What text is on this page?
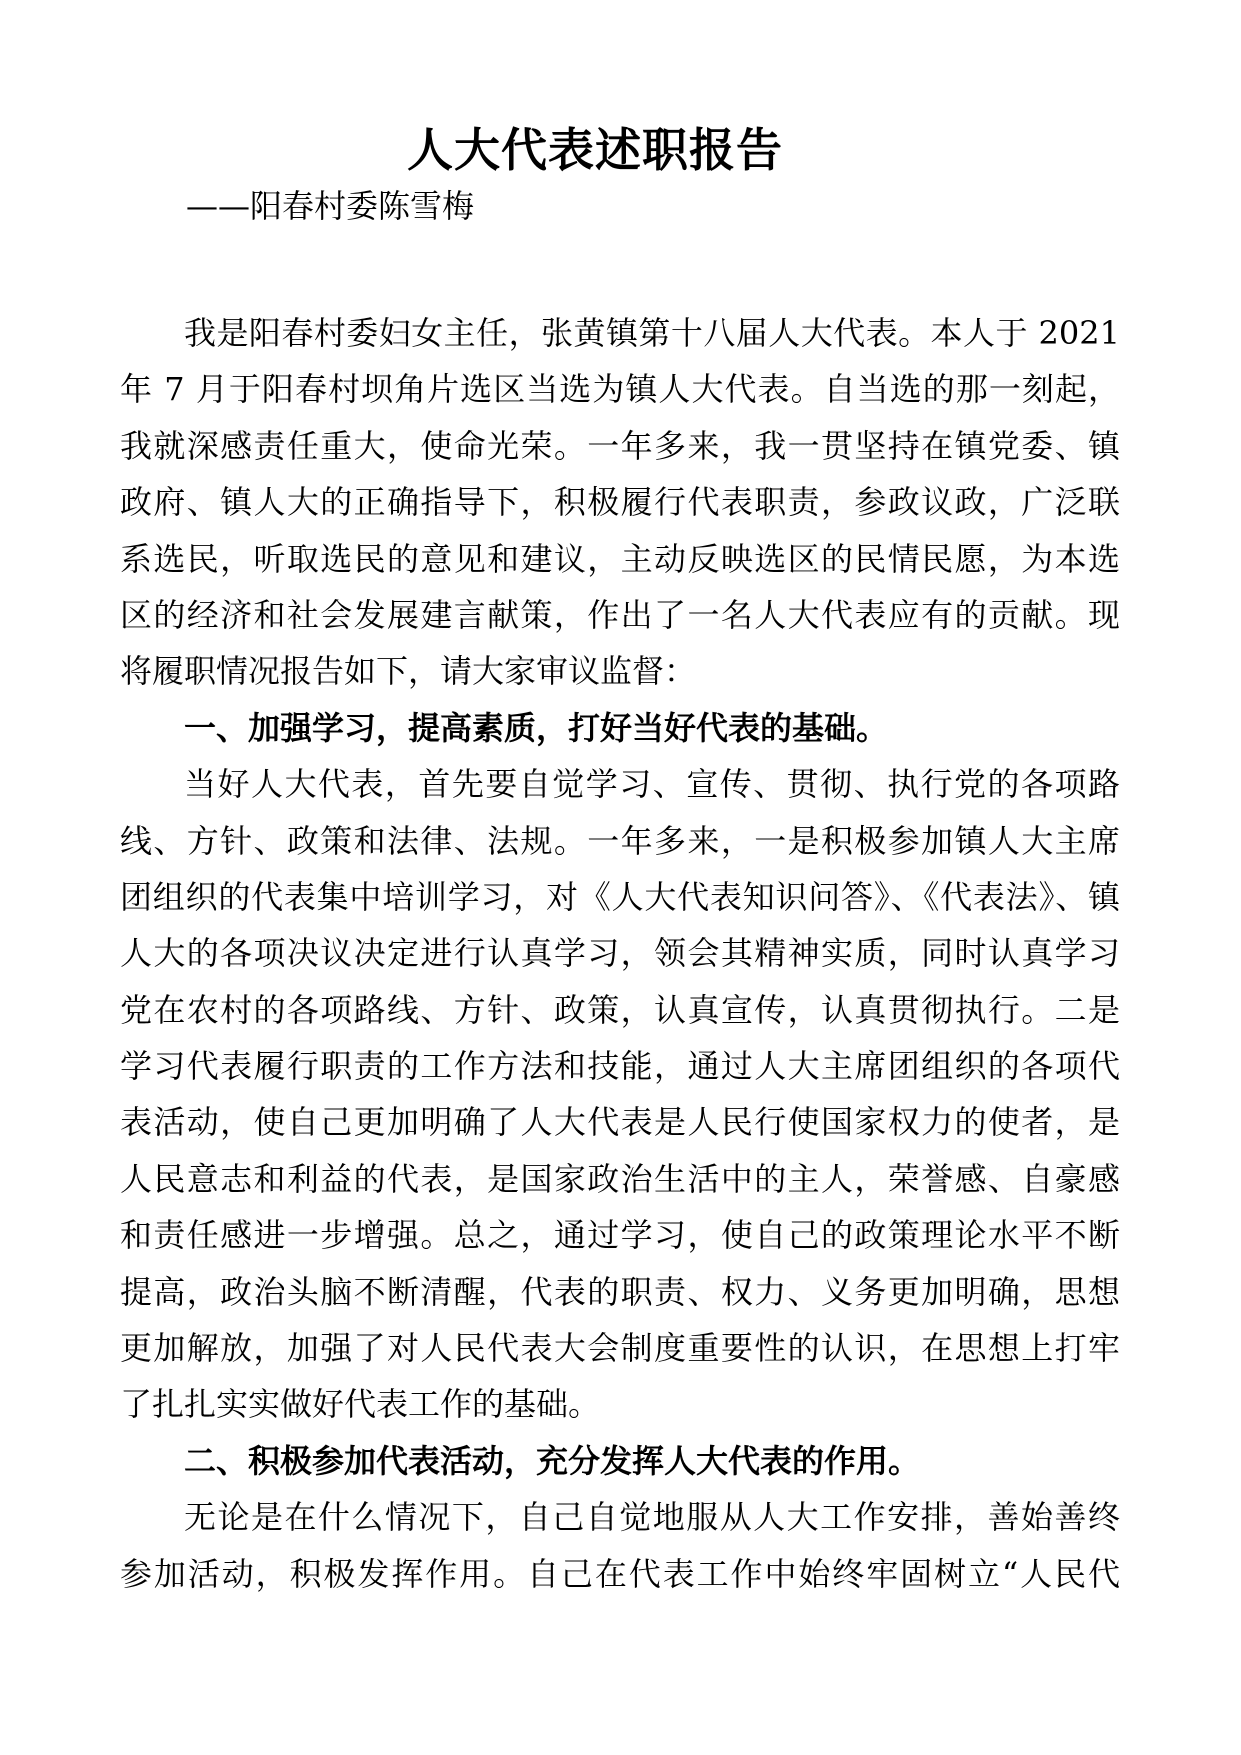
人大代表述职报告

——阳春村委陈雪梅

我是阳春村委妇女主任，张黄镇第十八届人大代表。本人于 2021
年 7 月于阳春村坝角片选区当选为镇人大代表。自当选的那一刻起，
我就深感责任重大，使命光荣。一年多来，我一贯坚持在镇党委、镇
政府、镇人大的正确指导下，积极履行代表职责，参政议政，广泛联
系选民，听取选民的意见和建议，主动反映选区的民情民愿，为本选
区的经济和社会发展建言献策，作出了一名人大代表应有的贡献。现
将履职情况报告如下，请大家审议监督：
一、加强学习，提高素质，打好当好代表的基础。
当好人大代表，首先要自觉学习、宣传、贯彻、执行党的各项路
线、方针、政策和法律、法规。一年多来，一是积极参加镇人大主席
团组织的代表集中培训学习，对《人大代表知识问答》、《代表法》、镇
人大的各项决议决定进行认真学习，领会其精神实质，同时认真学习
党在农村的各项路线、方针、政策，认真宣传，认真贯彻执行。二是
学习代表履行职责的工作方法和技能，通过人大主席团组织的各项代
表活动，使自己更加明确了人大代表是人民行使国家权力的使者，是
人民意志和利益的代表，是国家政治生活中的主人，荣誉感、自豪感
和责任感进一步增强。总之，通过学习，使自己的政策理论水平不断
提高，政治头脑不断清醒，代表的职责、权力、义务更加明确，思想
更加解放，加强了对人民代表大会制度重要性的认识，在思想上打牢
了扎扎实实做好代表工作的基础。
二、积极参加代表活动，充分发挥人大代表的作用。
无论是在什么情况下，自己自觉地服从人大工作安排，善始善终
参加活动，积极发挥作用。自己在代表工作中始终牢固树立“人民代
